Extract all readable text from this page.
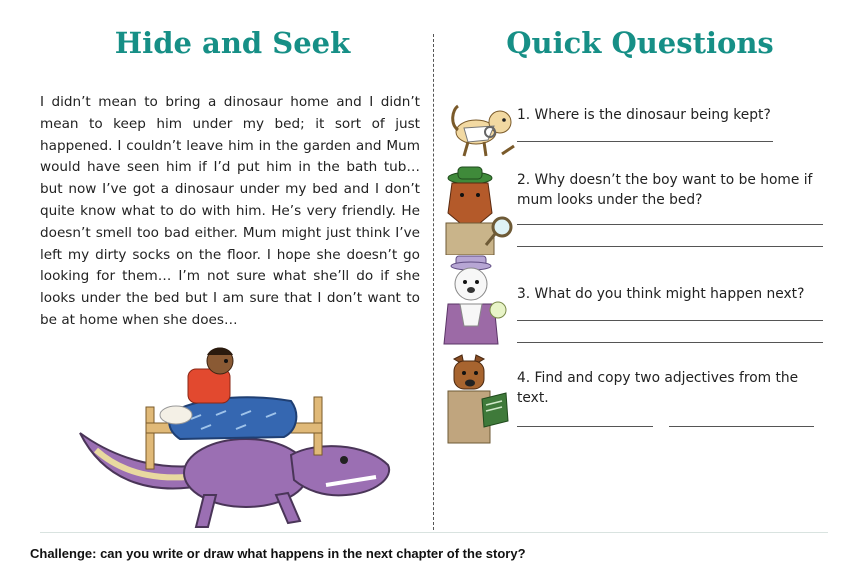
Hide and Seek	Quick Questions

I didn’t mean to bring a dinosaur home and I didn’t mean to keep him under my bed; it sort of just happened. I couldn’t leave him in the garden and Mum would have seen him if I’d put him in the bath tub… but now I’ve got a dinosaur under my bed and I don’t quite know what to do with him. He’s very friendly. He doesn’t smell too bad either. Mum might just think I’ve left my dirty socks on the floor. I hope she doesn’t go looking for them… I’m not sure what she’ll do if she looks under the bed but I am sure that I don’t want to be at home when she does…

1. Where is the dinosaur being kept?

2. Why doesn’t the boy want to be home if mum looks under the bed?

3. What do you think might happen next?

4. Find and copy two adjectives from the text.

Challenge: can you write or draw what happens in the next chapter of the story?
